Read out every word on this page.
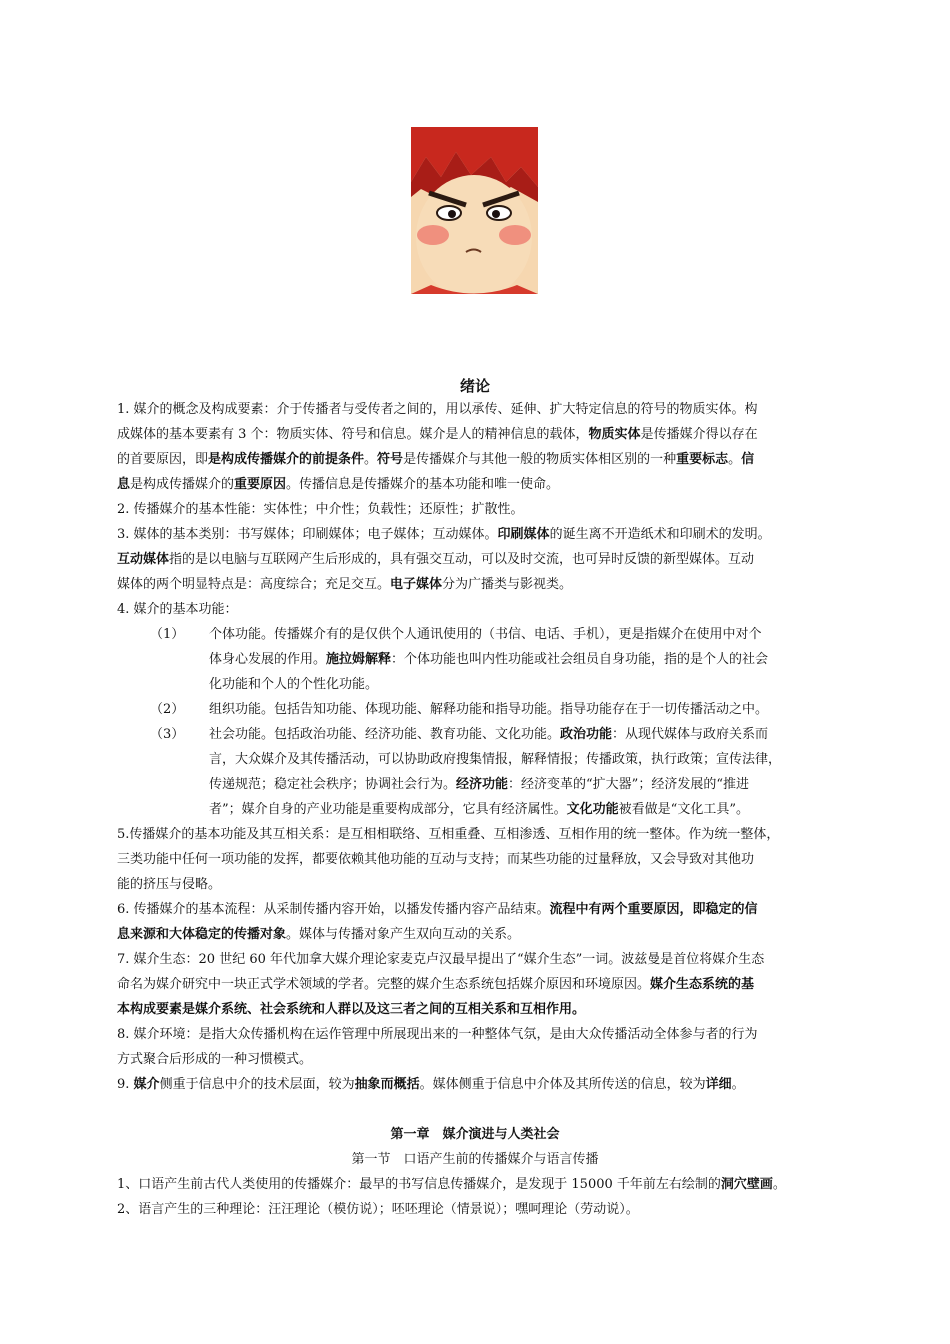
绪论
1. 媒介的概念及构成要素：介于传播者与受传者之间的，用以承传、延伸、扩大特定信息的符号的物质实体。构
成媒体的基本要素有 3 个：物质实体、符号和信息。媒介是人的精神信息的载体，物质实体是传播媒介得以存在
的首要原因，即是构成传播媒介的前提条件。符号是传播媒介与其他一般的物质实体相区别的一种重要标志。信
息是构成传播媒介的重要原因。传播信息是传播媒介的基本功能和唯一使命。
2. 传播媒介的基本性能：实体性；中介性；负载性；还原性；扩散性。
3. 媒体的基本类别：书写媒体；印刷媒体；电子媒体；互动媒体。印刷媒体的诞生离不开造纸术和印刷术的发明。
互动媒体指的是以电脑与互联网产生后形成的，具有强交互动，可以及时交流，也可异时反馈的新型媒体。互动
媒体的两个明显特点是：高度综合；充足交互。电子媒体分为广播类与影视类。
4. 媒介的基本功能：
（1） 个体功能。传播媒介有的是仅供个人通讯使用的（书信、电话、手机），更是指媒介在使用中对个
体身心发展的作用。施拉姆解释：个体功能也叫内性功能或社会组员自身功能，指的是个人的社会
化功能和个人的个性化功能。
（2） 组织功能。包括告知功能、体现功能、解释功能和指导功能。指导功能存在于一切传播活动之中。
（3） 社会功能。包括政治功能、经济功能、教育功能、文化功能。政治功能：从现代媒体与政府关系而
言，大众媒介及其传播活动，可以协助政府搜集情报，解释情报；传播政策，执行政策；宣传法律，
传递规范；稳定社会秩序；协调社会行为。经济功能：经济变革的“扩大器”；经济发展的“推进
者”；媒介自身的产业功能是重要构成部分，它具有经济属性。文化功能被看做是“文化工具”。
5.传播媒介的基本功能及其互相关系：是互相相联络、互相重叠、互相渗透、互相作用的统一整体。作为统一整体，
三类功能中任何一项功能的发挥，都要依赖其他功能的互动与支持；而某些功能的过量释放，又会导致对其他功
能的挤压与侵略。
6. 传播媒介的基本流程：从采制传播内容开始，以播发传播内容产品结束。流程中有两个重要原因，即稳定的信
息来源和大体稳定的传播对象。媒体与传播对象产生双向互动的关系。
7. 媒介生态：20 世纪 60 年代加拿大媒介理论家麦克卢汉最早提出了“媒介生态”一词。波兹曼是首位将媒介生态
命名为媒介研究中一块正式学术领域的学者。完整的媒介生态系统包括媒介原因和环境原因。媒介生态系统的基
本构成要素是媒介系统、社会系统和人群以及这三者之间的互相关系和互相作用。
8. 媒介环境：是指大众传播机构在运作管理中所展现出来的一种整体气氛，是由大众传播活动全体参与者的行为
方式聚合后形成的一种习惯模式。
9. 媒介侧重于信息中介的技术层面，较为抽象而概括。媒体侧重于信息中介体及其所传送的信息，较为详细。
第一章　媒介演进与人类社会
第一节　口语产生前的传播媒介与语言传播
1、口语产生前古代人类使用的传播媒介：最早的书写信息传播媒介，是发现于 15000 千年前左右绘制的洞穴壁画。
2、语言产生的三种理论：汪汪理论（模仿说）；呸呸理论（情景说）；嘿呵理论（劳动说）。
